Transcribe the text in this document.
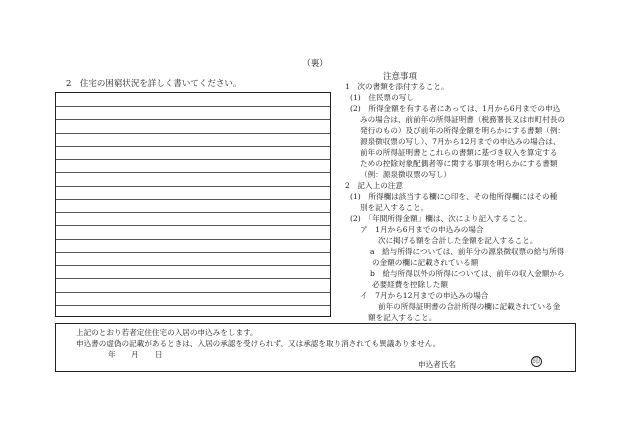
（裏）
2　住宅の困窮状況を詳しく書いてください。
注意事項
1　次の書類を添付すること。
(1)　住民票の写し
(2)　所得金額を有する者にあっては、1月から6月までの申込
みの場合は、前前年の所得証明書（税務署長又は市町村長の
発行のもの）及び前年の所得金額を明らかにする書類（例：
源泉徴収票の写し）、7月から12月までの申込みの場合は、
前年の所得証明書とこれらの書類に基づき収入を算定する
ための控除対象配偶者等に関する事項を明らかにする書類
（例：源泉徴収票の写し）
2　記入上の注意
(1)　所得欄は該当する欄に○印を、その他所得欄にはその種
別を記入すること。
(2)　「年間所得金額」欄は、次により記入すること。
ア　1月から6月までの申込みの場合
次に掲げる額を合計した金額を記入すること。
a　給与所得については、前年分の源泉徴収票の給与所得
の金額の欄に記載されている額
b　給与所得以外の所得については、前年の収入金額から
必要経費を控除した額
イ　7月から12月までの申込みの場合
前年の所得証明書の合計所得の欄に記載されている金
額を記入すること。
上記のとおり若者定住住宅の入居の申込みをします。
申込書の虚偽の記載があるときは、入居の承認を受けられず、又は承認を取り消されても異議ありません。
年 月 日
申込者氏名	印
